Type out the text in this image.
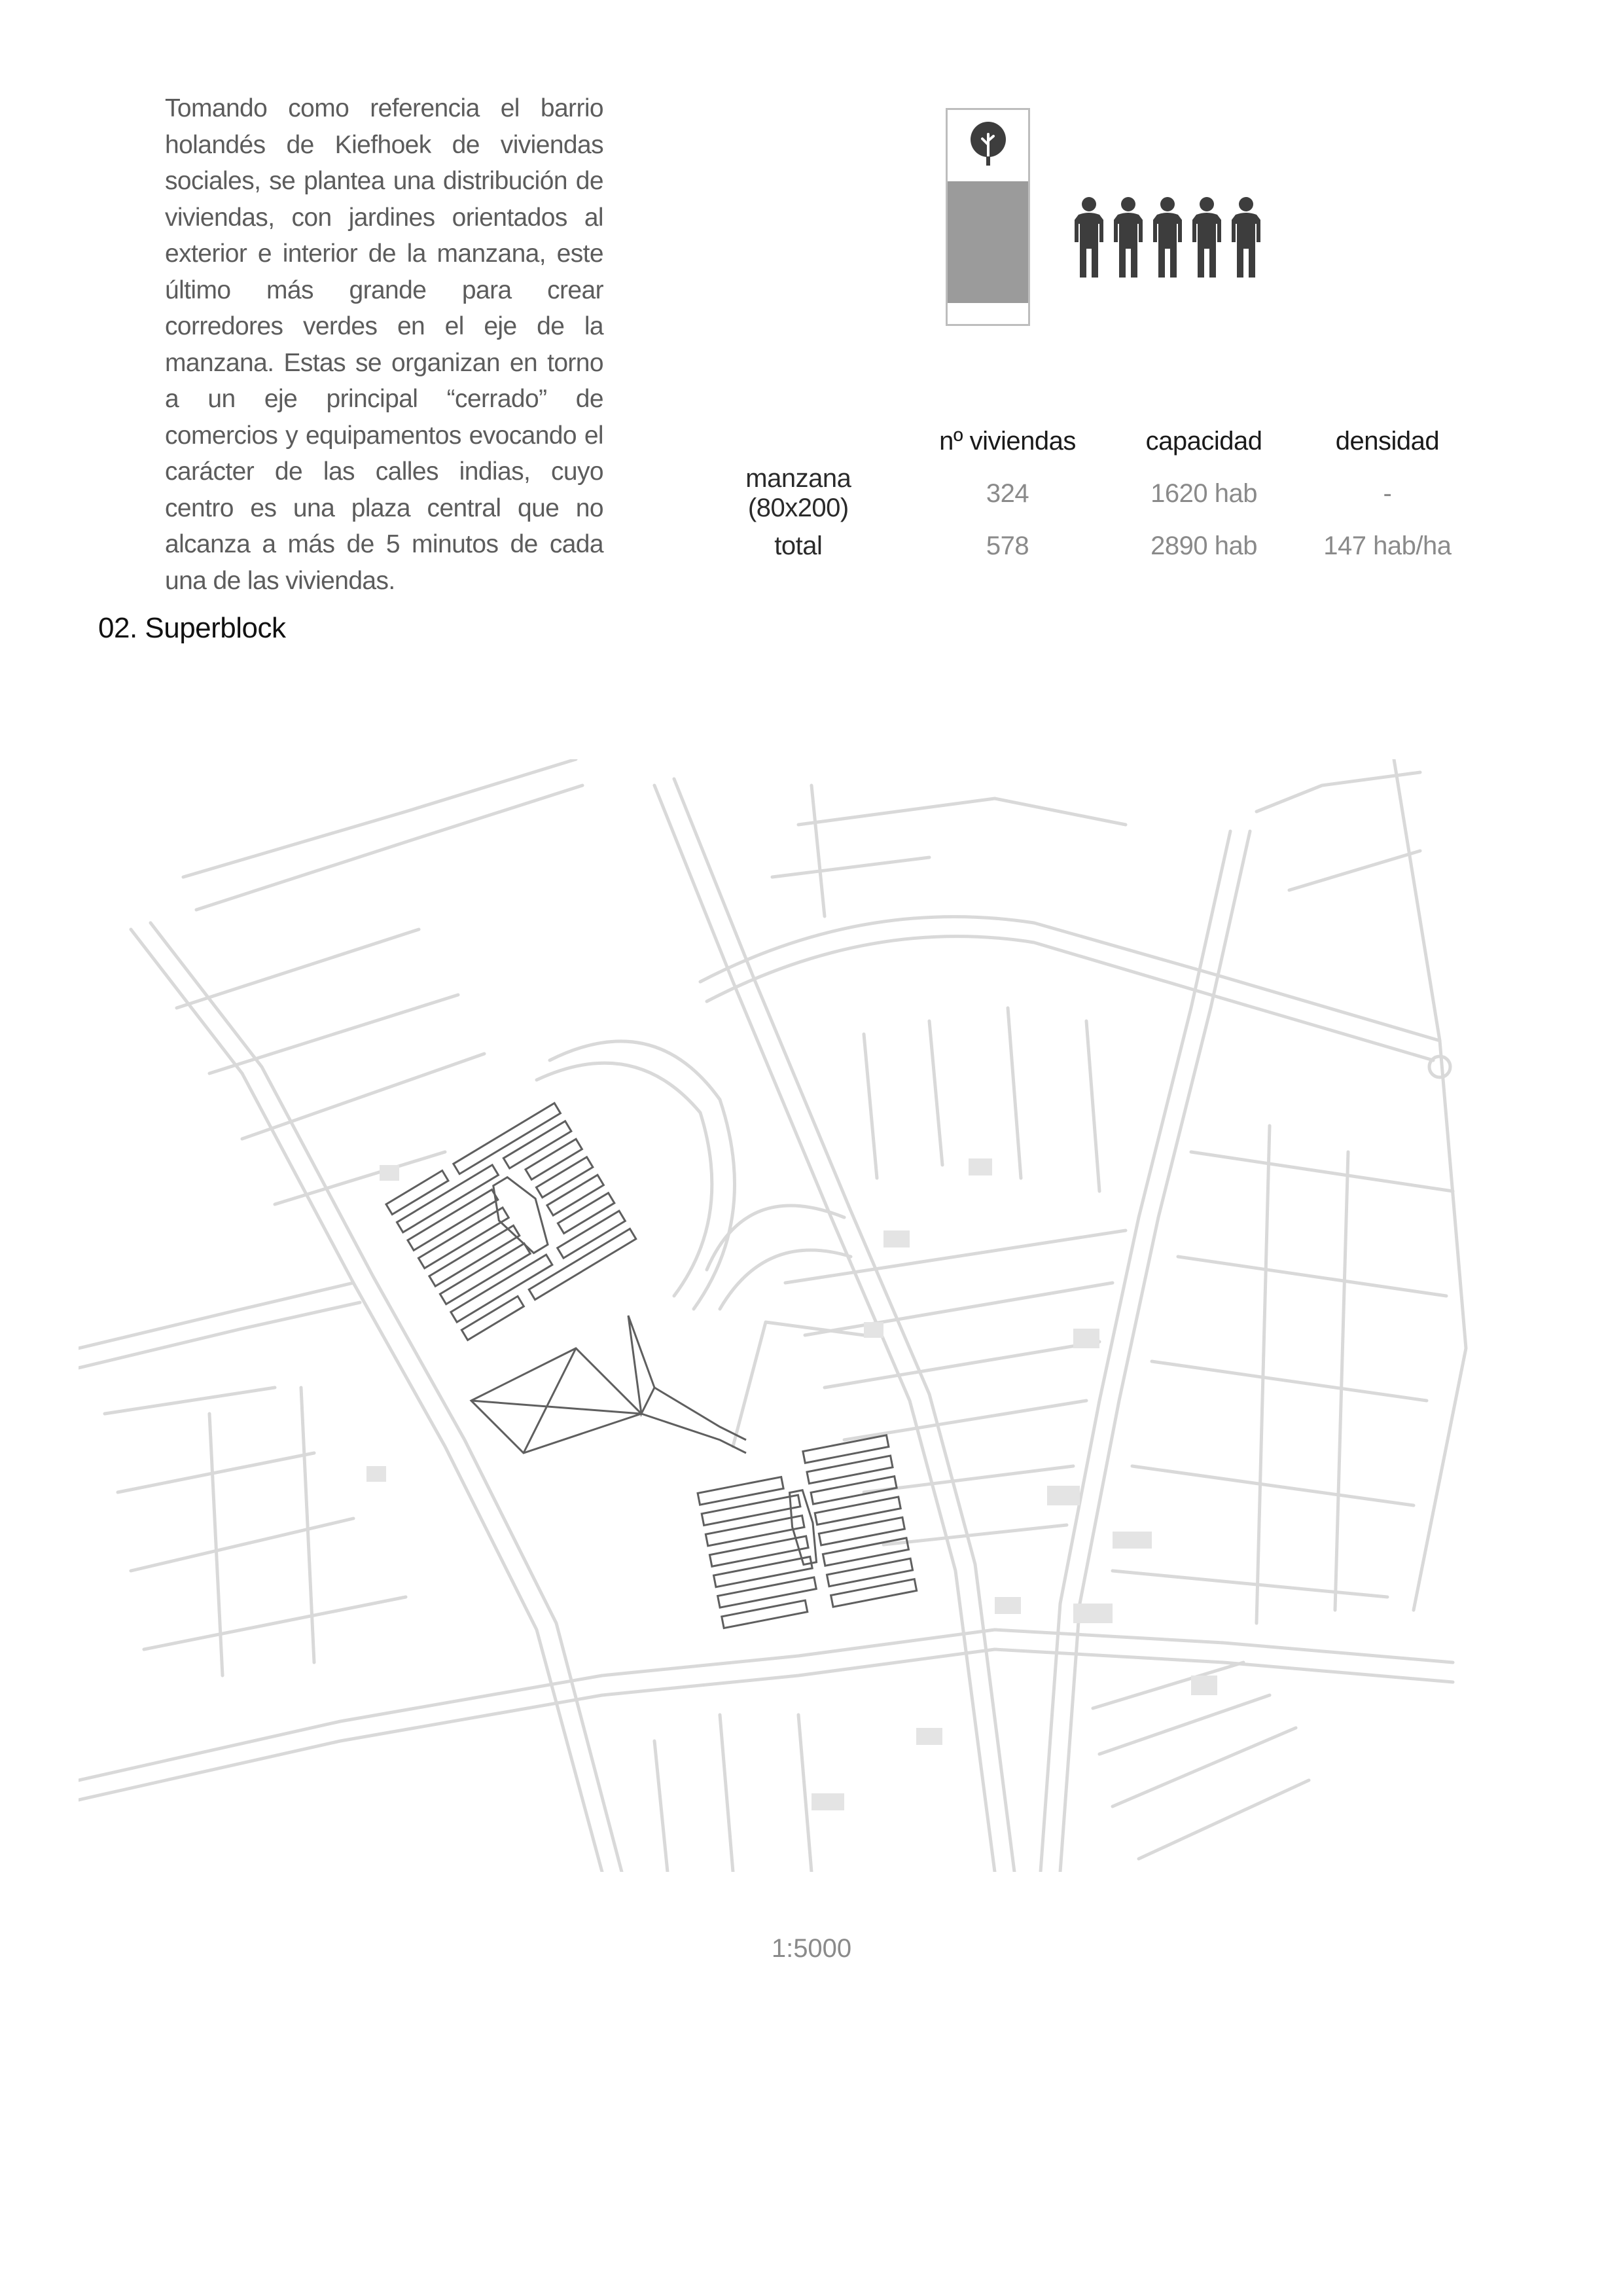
Tomando como referencia el barrio holandés de Kiefhoek de viviendas sociales, se plantea una distribución de viviendas, con jardines orientados al exterior e interior de la manzana, este último más grande para crear corredores verdes en el eje de la manzana. Estas se organizan en torno a un eje principal “cerrado” de comercios y equipamentos evocando el carácter de las calles indias, cuyo centro es una plaza central que no alcanza a más de 5 minutos de cada una de las viviendas.
	nº viviendas	capacidad	densidad
manzana (80x200)	324	1620 hab	-
total	578	2890 hab	147 hab/ha
02. Superblock
1:5000
